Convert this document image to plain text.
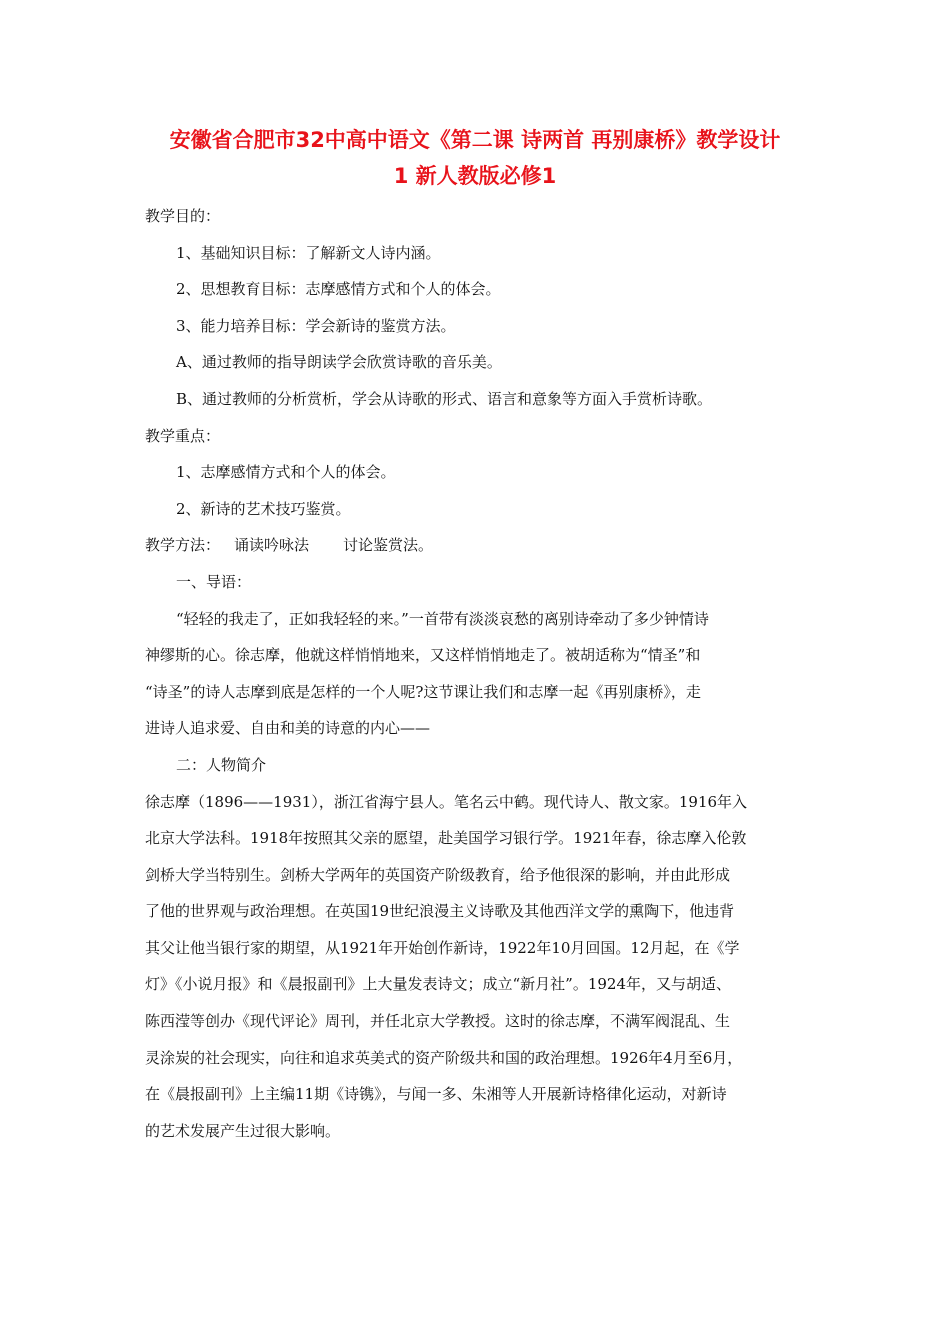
安徽省合肥市32中高中语文《第二课 诗两首 再别康桥》教学设计
1 新人教版必修1
教学目的：
1、基础知识目标：了解新文人诗内涵。
2、思想教育目标：志摩感情方式和个人的体会。
3、能力培养目标：学会新诗的鉴赏方法。
A、通过教师的指导朗读学会欣赏诗歌的音乐美。
B、通过教师的分析赏析，学会从诗歌的形式、语言和意象等方面入手赏析诗歌。
教学重点：
1、志摩感情方式和个人的体会。
2、新诗的艺术技巧鉴赏。
教学方法： 诵读吟咏法 讨论鉴赏法。
一、导语：
“轻轻的我走了，正如我轻轻的来。”一首带有淡淡哀愁的离别诗牵动了多少钟情诗
神缪斯的心。徐志摩，他就这样悄悄地来，又这样悄悄地走了。被胡适称为“情圣”和
“诗圣”的诗人志摩到底是怎样的一个人呢?这节课让我们和志摩一起《再别康桥》，走
进诗人追求爱、自由和美的诗意的内心——
二：人物简介
徐志摩（1896——1931），浙江省海宁县人。笔名云中鹤。现代诗人、散文家。1916年入
北京大学法科。1918年按照其父亲的愿望，赴美国学习银行学。1921年春，徐志摩入伦敦
剑桥大学当特别生。剑桥大学两年的英国资产阶级教育，给予他很深的影响，并由此形成
了他的世界观与政治理想。在英国19世纪浪漫主义诗歌及其他西洋文学的熏陶下，他违背
其父让他当银行家的期望，从1921年开始创作新诗，1922年10月回国。12月起，在《学
灯》《小说月报》和《晨报副刊》上大量发表诗文；成立“新月社”。1924年，又与胡适、
陈西滢等创办《现代评论》周刊，并任北京大学教授。这时的徐志摩，不满军阀混乱、生
灵涂炭的社会现实，向往和追求英美式的资产阶级共和国的政治理想。1926年4月至6月，
在《晨报副刊》上主编11期《诗镌》，与闻一多、朱湘等人开展新诗格律化运动，对新诗
的艺术发展产生过很大影响。
